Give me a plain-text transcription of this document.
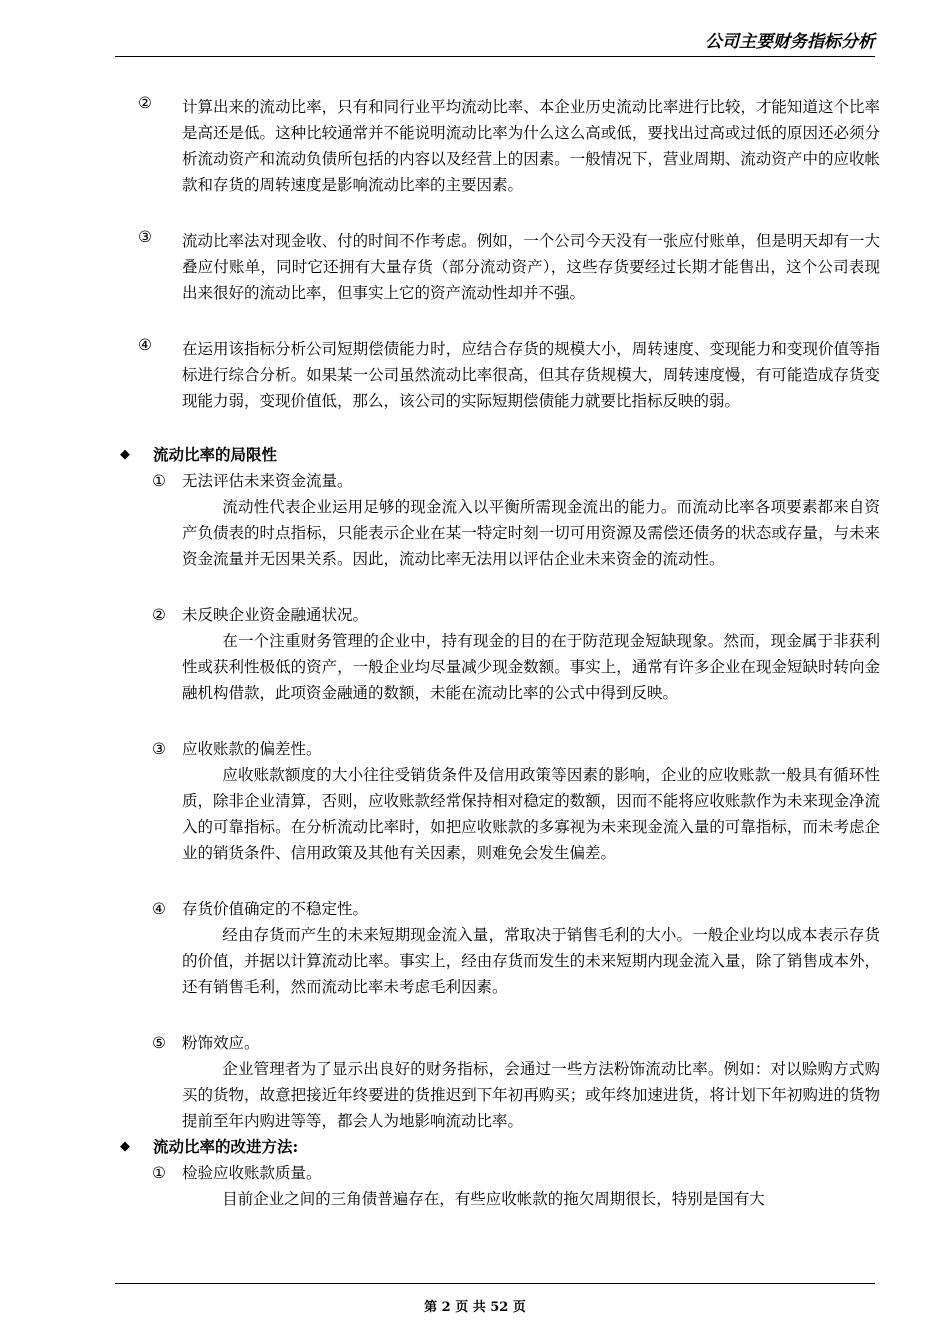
公司主要财务指标分析
② 计算出来的流动比率，只有和同行业平均流动比率、本企业历史流动比率进行比较，才能知道这个比率是高还是低。这种比较通常并不能说明流动比率为什么这么高或低，要找出过高或过低的原因还必须分析流动资产和流动负债所包括的内容以及经营上的因素。一般情况下，营业周期、流动资产中的应收帐款和存货的周转速度是影响流动比率的主要因素。
③ 流动比率法对现金收、付的时间不作考虑。例如，一个公司今天没有一张应付账单，但是明天却有一大叠应付账单，同时它还拥有大量存货（部分流动资产），这些存货要经过长期才能售出，这个公司表现出来很好的流动比率，但事实上它的资产流动性却并不强。
④ 在运用该指标分析公司短期偿债能力时，应结合存货的规模大小，周转速度、变现能力和变现价值等指标进行综合分析。如果某一公司虽然流动比率很高，但其存货规模大，周转速度慢，有可能造成存货变现能力弱，变现价值低，那么，该公司的实际短期偿债能力就要比指标反映的弱。
◆ 流动比率的局限性
① 无法评估未来资金流量。
流动性代表企业运用足够的现金流入以平衡所需现金流出的能力。而流动比率各项要素都来自资产负债表的时点指标，只能表示企业在某一特定时刻一切可用资源及需偿还债务的状态或存量，与未来资金流量并无因果关系。因此，流动比率无法用以评估企业未来资金的流动性。
② 未反映企业资金融通状况。
在一个注重财务管理的企业中，持有现金的目的在于防范现金短缺现象。然而，现金属于非获利性或获利性极低的资产，一般企业均尽量减少现金数额。事实上，通常有许多企业在现金短缺时转向金融机构借款，此项资金融通的数额，未能在流动比率的公式中得到反映。
③ 应收账款的偏差性。
应收账款额度的大小往往受销货条件及信用政策等因素的影响，企业的应收账款一般具有循环性质，除非企业清算，否则，应收账款经常保持相对稳定的数额，因而不能将应收账款作为未来现金净流入的可靠指标。在分析流动比率时，如把应收账款的多寡视为未来现金流入量的可靠指标，而未考虑企业的销货条件、信用政策及其他有关因素，则难免会发生偏差。
④ 存货价值确定的不稳定性。
经由存货而产生的未来短期现金流入量，常取决于销售毛利的大小。一般企业均以成本表示存货的价值，并据以计算流动比率。事实上，经由存货而发生的未来短期内现金流入量，除了销售成本外，还有销售毛利，然而流动比率未考虑毛利因素。
⑤ 粉饰效应。
企业管理者为了显示出良好的财务指标，会通过一些方法粉饰流动比率。例如：对以赊购方式购买的货物，故意把接近年终要进的货推迟到下年初再购买；或年终加速进货，将计划下年初购进的货物提前至年内购进等等，都会人为地影响流动比率。
◆ 流动比率的改进方法:
① 检验应收账款质量。
目前企业之间的三角债普遍存在，有些应收帐款的拖欠周期很长，特别是国有大
第 2 页 共 52 页
